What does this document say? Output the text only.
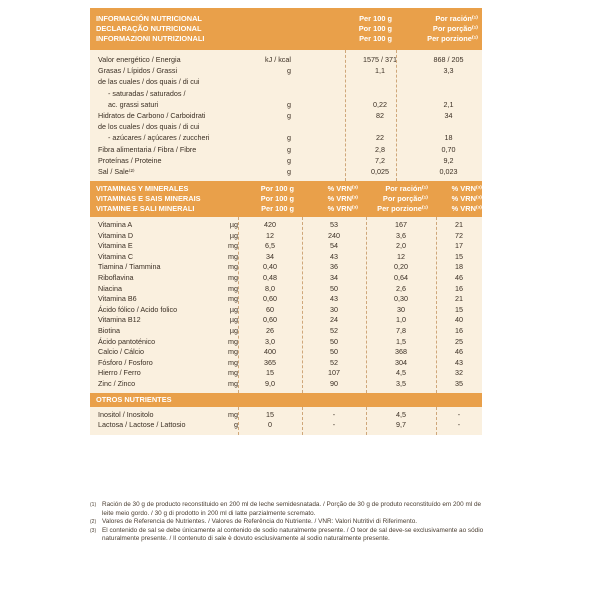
INFORMACIÓN NUTRICIONAL	Per 100 g	Por ración⁽¹⁾
DECLARAÇÃO NUTRICIONAL	Por 100 g	Por porção⁽¹⁾
INFORMAZIONI NUTRIZIONALI	Per 100 g	Per porzione⁽¹⁾
Valor energético / Energia	kJ / kcal	1575 / 371	868 / 205
Grasas / Lípidos / Grassi	g	1,1	3,3
de las cuales / dos quais / di cui
- saturadas / saturados /
ac. grassi saturi	g	0,22	2,1
Hidratos de Carbono / Carboidrati	g	82	34
de los cuales / dos quais / di cui
- azúcares / açúcares / zuccheri	g	22	18
Fibra alimentaria / Fibra / Fibre	g	2,8	0,70
Proteínas / Proteine	g	7,2	9,2
Sal / Sale⁽²⁾	g	0,025	0,023
VITAMINAS Y MINERALES	Por 100 g	% VRN⁽³⁾	Por ración⁽¹⁾	% VRN⁽³⁾
VITAMINAS E SAIS MINERAIS	Por 100 g	% VRN⁽³⁾	Por porção⁽¹⁾	% VRN⁽³⁾
VITAMINE E SALI MINERALI	Per 100 g	% VRN⁽³⁾	Per porzione⁽¹⁾	% VRN⁽³⁾
Vitamina A	µg	420	53	167	21
Vitamina D	µg	12	240	3,6	72
Vitamina E	mg	6,5	54	2,0	17
Vitamina C	mg	34	43	12	15
Tiamina / Tiammina	mg	0,40	36	0,20	18
Riboflavina	mg	0,48	34	0,64	46
Niacina	mg	8,0	50	2,6	16
Vitamina B6	mg	0,60	43	0,30	21
Ácido fólico / Acido folico	µg	60	30	30	15
Vitamina B12	µg	0,60	24	1,0	40
Biotina	µg	26	52	7,8	16
Ácido pantoténico	mg	3,0	50	1,5	25
Calcio / Cálcio	mg	400	50	368	46
Fósforo / Fosforo	mg	365	52	304	43
Hierro / Ferro	mg	15	107	4,5	32
Zinc / Zinco	mg	9,0	90	3,5	35
OTROS NUTRIENTES
Inositol / Inositolo	mg	15	-	4,5	-
Lactosa / Lactose / Lattosio	g	0	-	9,7	-
(1) Ración de 30 g de producto reconstituido en 200 ml de leche semidesnatada. / Porção de 30 g de produto reconstituído em 200 ml de leite meio gordo. / 30 g di prodotto in 200 ml di latte parzialmente scremato.
(2) Valores de Referencia de Nutrientes. / Valores de Referência do Nutriente. / VNR: Valori Nutritivi di Riferimento.
(3) El contenido de sal se debe únicamente al contenido de sodio naturalmente presente. / O teor de sal deve-se exclusivamente ao sódio naturalmente presente. / Il contenuto di sale è dovuto esclusivamente al sodio naturalmente presente.
